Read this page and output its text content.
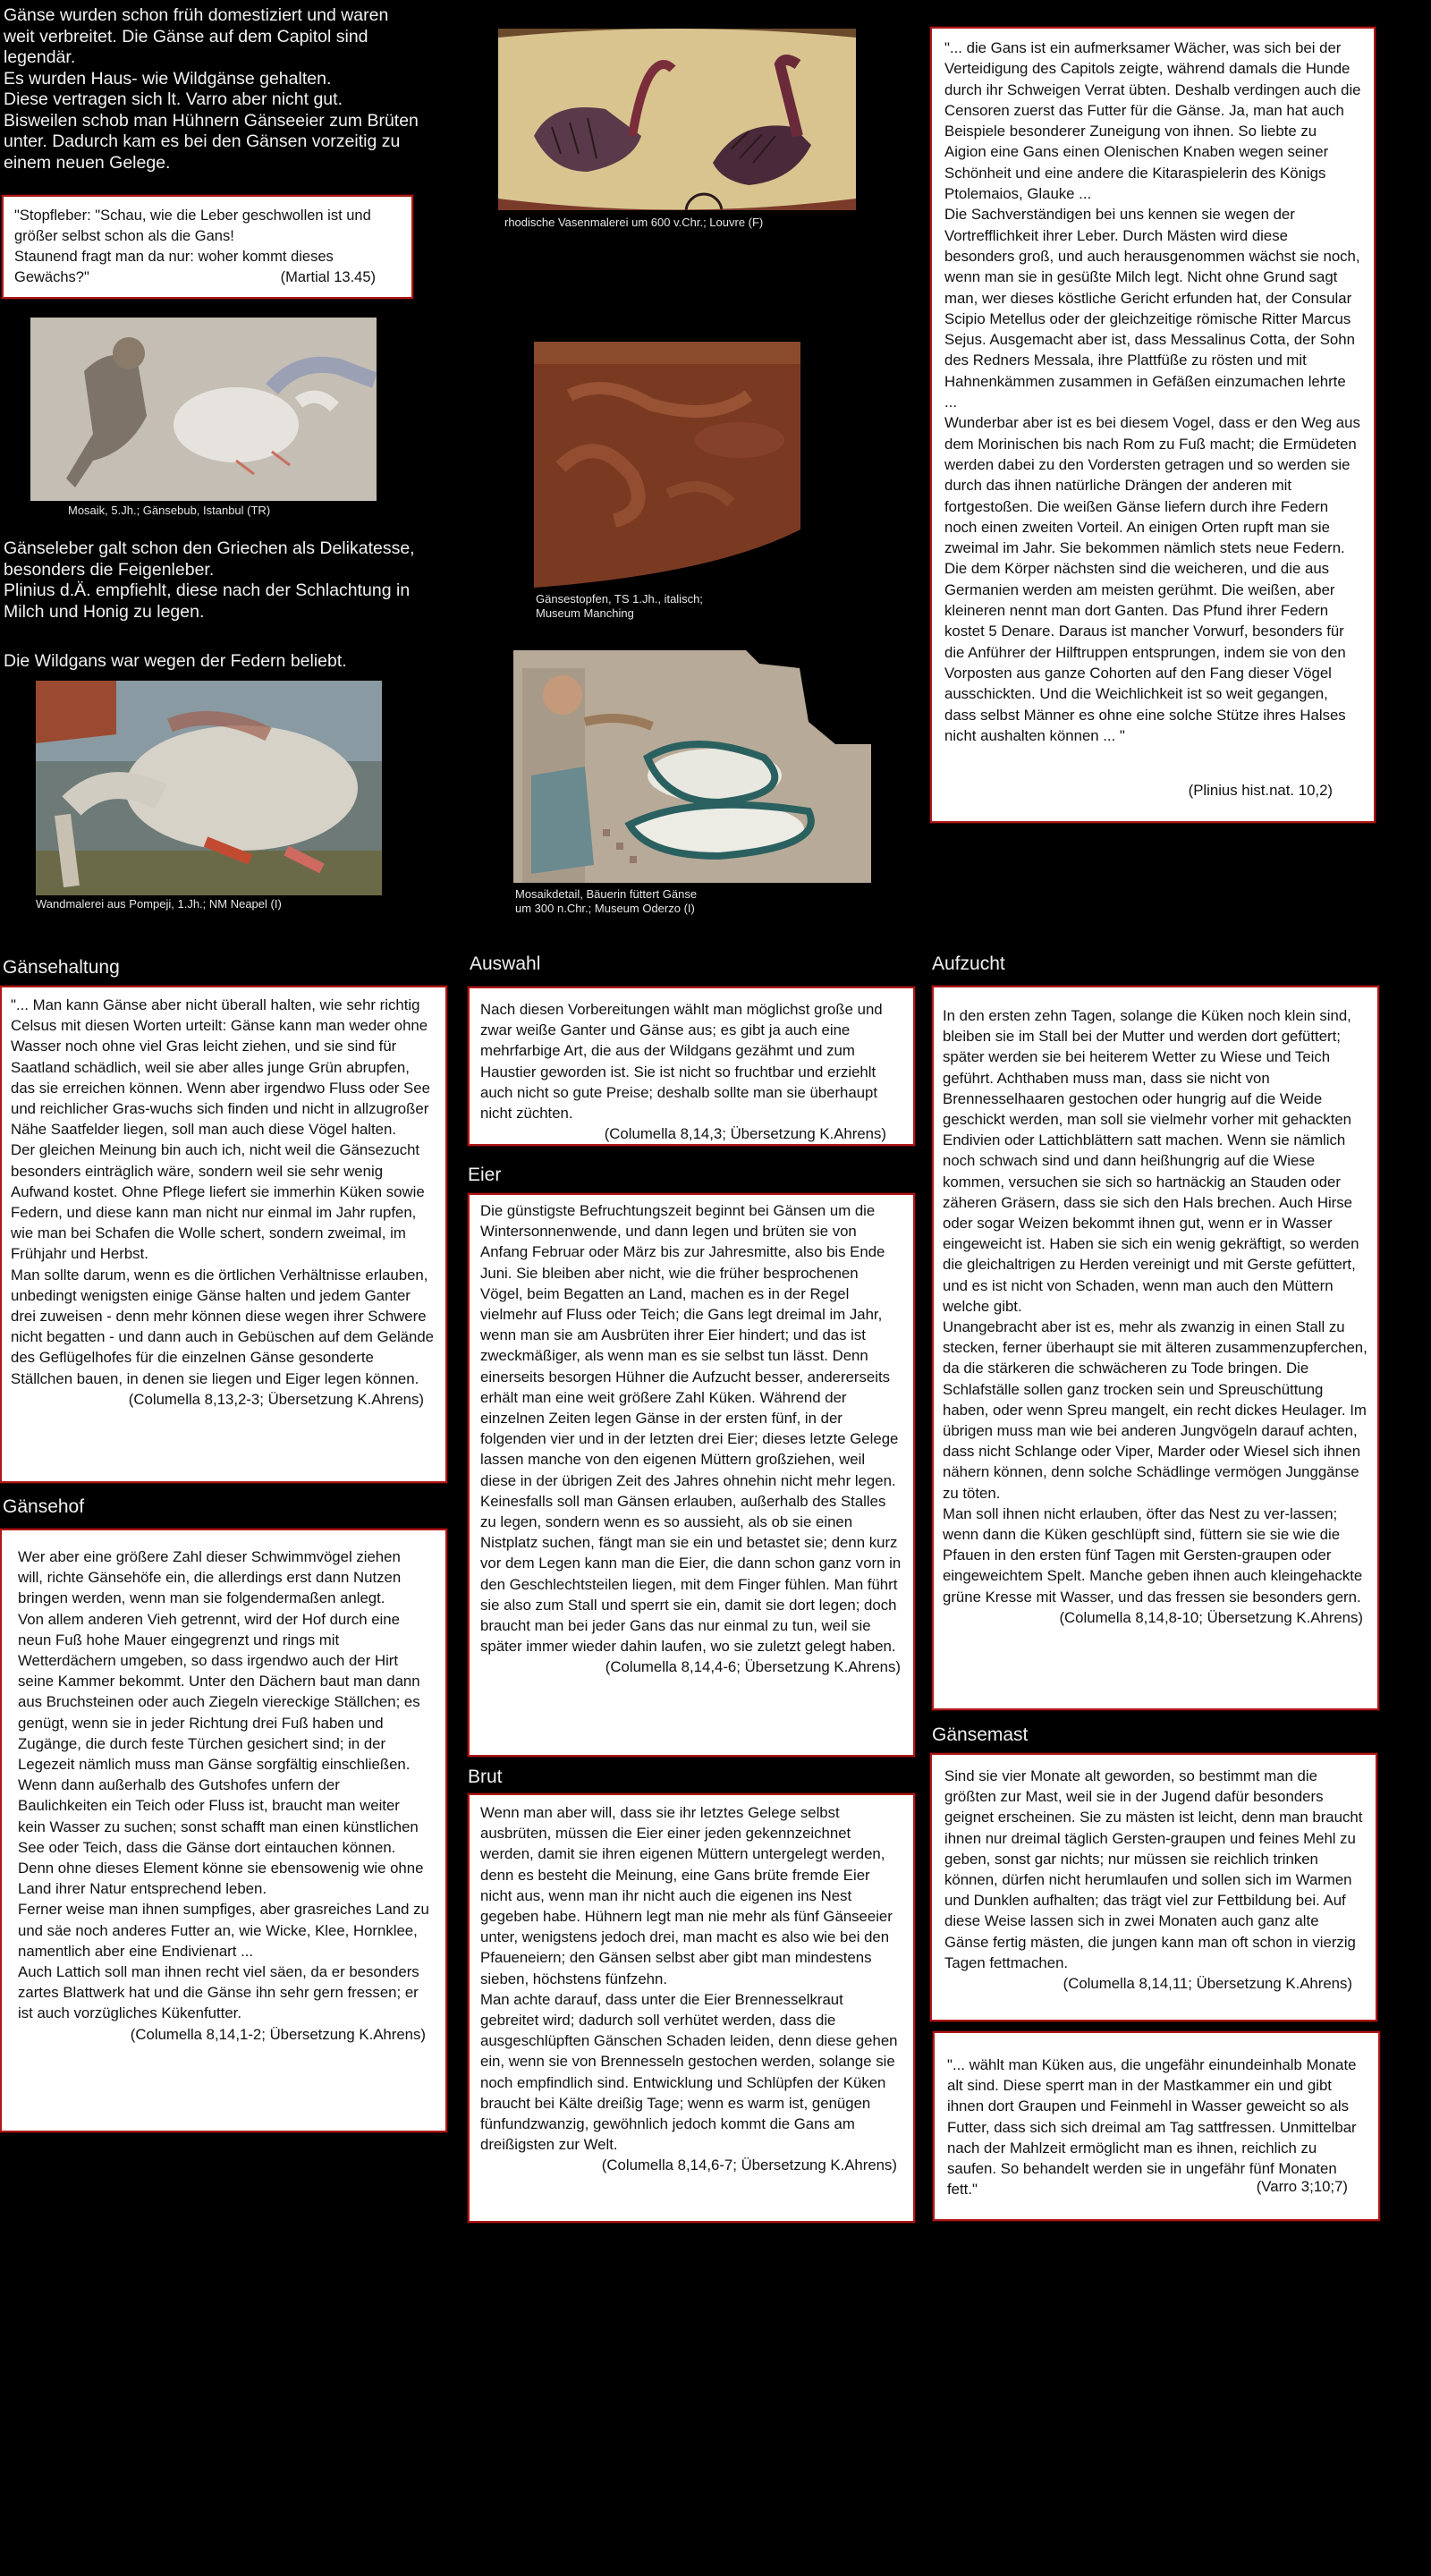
Gänse wurden schon früh domestiziert und waren weit verbreitet. Die Gänse auf dem Capitol sind legendär.
Es wurden Haus- wie Wildgänse gehalten.
Diese vertragen sich lt. Varro aber nicht gut.
Bisweilen schob man Hühnern Gänseeier zum Brüten unter. Dadurch kam es bei den Gänsen vorzeitig zu einem neuen Gelege.
"Stopfleber: "Schau, wie die Leber geschwollen ist und größer selbst schon als die Gans!
Staunend fragt man da nur: woher kommt dieses Gewächs?"	(Martial 13.45)
rhodische Vasenmalerei um 600 v.Chr.; Louvre (F)
"... die Gans ist ein aufmerksamer Wächer, was sich bei der Verteidigung des Capitols zeigte, während damals die Hunde durch ihr Schweigen Verrat übten. Deshalb verdingen auch die Censoren zuerst das Futter für die Gänse. Ja, man hat auch Beispiele besonderer Zuneigung von ihnen. So liebte zu Aigion eine Gans einen Olenischen Knaben wegen seiner Schönheit und eine andere die Kitaraspielerin des Königs Ptolemaios, Glauke ...
Die Sachverständigen bei uns kennen sie wegen der Vortrefflichkeit ihrer Leber. Durch Mästen wird diese besonders groß, und auch herausgenommen wächst sie noch, wenn man sie in gesüßte Milch legt. Nicht ohne Grund sagt man, wer dieses köstliche Gericht erfunden hat, der Consular Scipio Metellus oder der gleichzeitige römische Ritter Marcus Sejus. Ausgemacht aber ist, dass Messalinus Cotta, der Sohn des Redners Messala, ihre Plattfüße zu rösten und mit Hahnenkämmen zusammen in Gefäßen einzumachen lehrte ...
Wunderbar aber ist es bei diesem Vogel, dass er den Weg aus dem Morinischen bis nach Rom zu Fuß macht; die Ermüdeten werden dabei zu den Vordersten getragen und so werden sie durch das ihnen natürliche Drängen der anderen mit fortgestoßen. Die weißen Gänse liefern durch ihre Federn noch einen zweiten Vorteil. An einigen Orten rupft man sie zweimal im Jahr. Sie bekommen nämlich stets neue Federn. Die dem Körper nächsten sind die weicheren, und die aus Germanien werden am meisten gerühmt. Die weißen, aber kleineren nennt man dort Ganten. Das Pfund ihrer Federn kostet 5 Denare. Daraus ist mancher Vorwurf, besonders für die Anführer der Hilftruppen entsprungen, indem sie von den Vorposten aus ganze Cohorten auf den Fang dieser Vögel ausschickten. Und die Weichlichkeit ist so weit gegangen, dass selbst Männer es ohne eine solche Stütze ihres Halses nicht aushalten können ... "
(Plinius hist.nat. 10,2)
Mosaik, 5.Jh.; Gänsebub, Istanbul (TR)
Gänsestopfen, TS 1.Jh., italisch;
Museum Manching
Gänseleber galt schon den Griechen als Delikatesse, besonders die Feigenleber.
Plinius d.Ä. empfiehlt, diese nach der Schlachtung in Milch und Honig zu legen.
Die Wildgans war wegen der Federn beliebt.
Wandmalerei aus Pompeji, 1.Jh.; NM Neapel (I)
Mosaikdetail, Bäuerin füttert Gänse
um 300 n.Chr.; Museum Oderzo (I)
Gänsehaltung
"... Man kann Gänse aber nicht überall halten, wie sehr richtig Celsus mit diesen Worten urteilt: Gänse kann man weder ohne Wasser noch ohne viel Gras leicht ziehen, und sie sind für Saatland schädlich, weil sie aber alles junge Grün abrupfen, das sie erreichen können. Wenn aber irgendwo Fluss oder See und reichlicher Gras-wuchs sich finden und nicht in allzugroßer Nähe Saatfelder liegen, soll man auch diese Vögel halten.
Der gleichen Meinung bin auch ich, nicht weil die Gänsezucht besonders einträglich wäre, sondern weil sie sehr wenig Aufwand kostet. Ohne Pflege liefert sie immerhin Küken sowie Federn, und diese kann man nicht nur einmal im Jahr rupfen, wie man bei Schafen die Wolle schert, sondern zweimal, im Frühjahr und Herbst.
Man sollte darum, wenn es die örtlichen Verhältnisse erlauben, unbedingt wenigsten einige Gänse halten und jedem Ganter drei zuweisen - denn mehr können diese wegen ihrer Schwere nicht begatten - und dann auch in Gebüschen auf dem Gelände des Geflügelhofes für die einzelnen Gänse gesonderte Ställchen bauen, in denen sie liegen und Eiger legen können.
(Columella 8,13,2-3; Übersetzung K.Ahrens)
Gänsehof
Wer aber eine größere Zahl dieser Schwimmvögel ziehen will, richte Gänsehöfe ein, die allerdings erst dann Nutzen bringen werden, wenn man sie folgendermaßen anlegt.
Von allem anderen Vieh getrennt, wird der Hof durch eine neun Fuß hohe Mauer eingegrenzt und rings mit Wetterdächern umgeben, so dass irgendwo auch der Hirt seine Kammer bekommt. Unter den Dächern baut man dann aus Bruchsteinen oder auch Ziegeln viereckige Ställchen; es genügt, wenn sie in jeder Richtung drei Fuß haben und Zugänge, die durch feste Türchen gesichert sind; in der Legezeit nämlich muss man Gänse sorgfältig einschließen. Wenn dann außerhalb des Gutshofes unfern der Baulichkeiten ein Teich oder Fluss ist, braucht man weiter kein Wasser zu suchen; sonst schafft man einen künstlichen See oder Teich, dass die Gänse dort eintauchen können. Denn ohne dieses Element könne sie ebensowenig wie ohne Land ihrer Natur entsprechend leben.
Ferner weise man ihnen sumpfiges, aber grasreiches Land zu und säe noch anderes Futter an, wie Wicke, Klee, Hornklee, namentlich aber eine Endivienart ...
Auch Lattich soll man ihnen recht viel säen, da er besonders zartes Blattwerk hat und die Gänse ihn sehr gern fressen; er ist auch vorzügliches Kükenfutter.
(Columella 8,14,1-2; Übersetzung K.Ahrens)
Auswahl
Nach diesen Vorbereitungen wählt man möglichst große und zwar weiße Ganter und Gänse aus; es gibt ja auch eine mehrfarbige Art, die aus der Wildgans gezähmt und zum Haustier geworden ist. Sie ist nicht so fruchtbar und erziehlt auch nicht so gute Preise; deshalb sollte man sie überhaupt nicht züchten.
(Columella 8,14,3; Übersetzung K.Ahrens)
Eier
Die günstigste Befruchtungszeit beginnt bei Gänsen um die Wintersonnenwende, und dann legen und brüten sie von Anfang Februar oder März bis zur Jahresmitte, also bis Ende Juni. Sie bleiben aber nicht, wie die früher besprochenen Vögel, beim Begatten an Land, machen es in der Regel vielmehr auf Fluss oder Teich; die Gans legt dreimal im Jahr, wenn man sie am Ausbrüten ihrer Eier hindert; und das ist zweckmäßiger, als wenn man es sie selbst tun lässt. Denn einerseits besorgen Hühner die Aufzucht besser, andererseits erhält man eine weit größere Zahl Küken. Während der einzelnen Zeiten legen Gänse in der ersten fünf, in der folgenden vier und in der letzten drei Eier; dieses letzte Gelege lassen manche von den eigenen Müttern großziehen, weil diese in der übrigen Zeit des Jahres ohnehin nicht mehr legen.
Keinesfalls soll man Gänsen erlauben, außerhalb des Stalles zu legen, sondern wenn es so aussieht, als ob sie einen Nistplatz suchen, fängt man sie ein und betastet sie; denn kurz vor dem Legen kann man die Eier, die dann schon ganz vorn in den Geschlechtsteilen liegen, mit dem Finger fühlen. Man führt sie also zum Stall und sperrt sie ein, damit sie dort legen; doch braucht man bei jeder Gans das nur einmal zu tun, weil sie später immer wieder dahin laufen, wo sie zuletzt gelegt haben.
(Columella 8,14,4-6; Übersetzung K.Ahrens)
Brut
Wenn man aber will, dass sie ihr letztes Gelege selbst ausbrüten, müssen die Eier einer jeden gekennzeichnet werden, damit sie ihren eigenen Müttern untergelegt werden, denn es besteht die Meinung, eine Gans brüte fremde Eier nicht aus, wenn man ihr nicht auch die eigenen ins Nest gegeben habe. Hühnern legt man nie mehr als fünf Gänseeier unter, wenigstens jedoch drei, man macht es also wie bei den Pfaueneiern; den Gänsen selbst aber gibt man mindestens sieben, höchstens fünfzehn.
Man achte darauf, dass unter die Eier Brennesselkraut gebreitet wird; dadurch soll verhütet werden, dass die ausgeschlüpften Gänschen Schaden leiden, denn diese gehen ein, wenn sie von Brennesseln gestochen werden, solange sie noch empfindlich sind. Entwicklung und Schlüpfen der Küken braucht bei Kälte dreißig Tage; wenn es warm ist, genügen fünfundzwanzig, gewöhnlich jedoch kommt die Gans am dreißigsten zur Welt.
(Columella 8,14,6-7; Übersetzung K.Ahrens)
Aufzucht
In den ersten zehn Tagen, solange die Küken noch klein sind, bleiben sie im Stall bei der Mutter und werden dort gefüttert; später werden sie bei heiterem Wetter zu Wiese und Teich geführt. Achthaben muss man, dass sie nicht von Brennesselhaaren gestochen oder hungrig auf die Weide geschickt werden, man soll sie vielmehr vorher mit gehackten Endivien oder Lattichblättern satt machen. Wenn sie nämlich noch schwach sind und dann heißhungrig auf die Wiese kommen, versuchen sie sich so hartnäckig an Stauden oder zäheren Gräsern, dass sie sich den Hals brechen. Auch Hirse oder sogar Weizen bekommt ihnen gut, wenn er in Wasser eingeweicht ist. Haben sie sich ein wenig gekräftigt, so werden die gleichaltrigen zu Herden vereinigt und mit Gerste gefüttert, und es ist nicht von Schaden, wenn man auch den Müttern welche gibt.
Unangebracht aber ist es, mehr als zwanzig in einen Stall zu stecken, ferner überhaupt sie mit älteren zusammenzupferchen, da die stärkeren die schwächeren zu Tode bringen. Die Schlafställe sollen ganz trocken sein und Spreuschüttung haben, oder wenn Spreu mangelt, ein recht dickes Heulager. Im übrigen muss man wie bei anderen Jungvögeln darauf achten, dass nicht Schlange oder Viper, Marder oder Wiesel sich ihnen nähern können, denn solche Schädlinge vermögen Junggänse zu töten.
Man soll ihnen nicht erlauben, öfter das Nest zu ver-lassen; wenn dann die Küken geschlüpft sind, füttern sie sie wie die Pfauen in den ersten fünf Tagen mit Gersten-graupen oder eingeweichtem Spelt. Manche geben ihnen auch kleingehackte grüne Kresse mit Wasser, und das fressen sie besonders gern.
(Columella 8,14,8-10; Übersetzung K.Ahrens)
Gänsemast
Sind sie vier Monate alt geworden, so bestimmt man die größten zur Mast, weil sie in der Jugend dafür besonders geignet erscheinen. Sie zu mästen ist leicht, denn man braucht ihnen nur dreimal täglich Gersten-graupen und feines Mehl zu geben, sonst gar nichts; nur müssen sie reichlich trinken können, dürfen nicht herumlaufen und sollen sich im Warmen und Dunklen aufhalten; das trägt viel zur Fettbildung bei. Auf diese Weise lassen sich in zwei Monaten auch ganz alte Gänse fertig mästen, die jungen kann man oft schon in vierzig Tagen fettmachen.
(Columella 8,14,11; Übersetzung K.Ahrens)
"... wählt man Küken aus, die ungefähr einundeinhalb Monate alt sind. Diese sperrt man in der Mastkammer ein und gibt ihnen dort Graupen und Feinmehl in Wasser geweicht so als Futter, dass sich sich dreimal am Tag sattfressen. Unmittelbar nach der Mahlzeit ermöglicht man es ihnen, reichlich zu saufen. So behandelt werden sie in ungefähr fünf Monaten fett."	(Varro 3;10;7)
